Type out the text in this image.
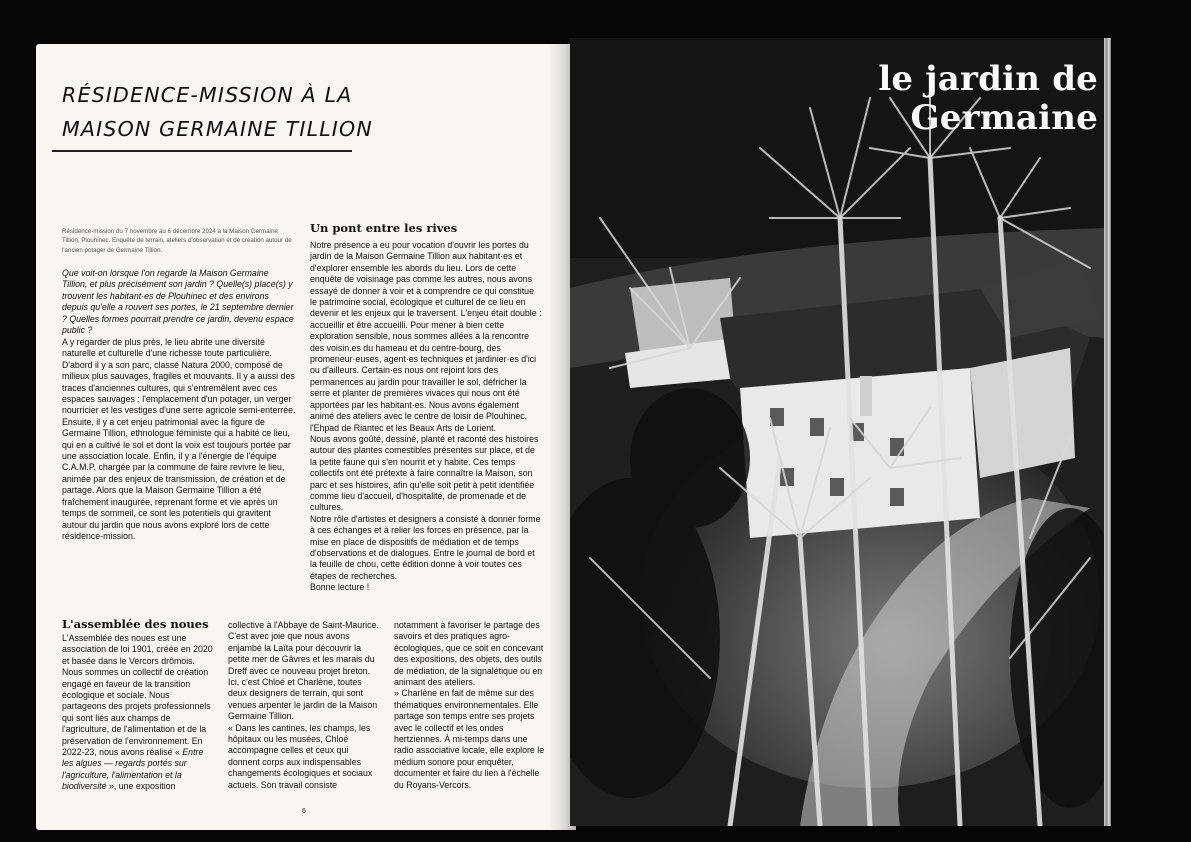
RÉSIDENCE-MISSION À LA
MAISON GERMAINE TILLION
Résidence-mission du 7 novembre au 6 décembre 2024 à la Maison Germaine Tillion, Plouhinec. Enquête de terrain, ateliers d'observation et de création autour de l'ancien potager de Germaine Tillion.
Que voit-on lorsque l'on regarde la Maison Germaine Tillion, et plus précisément son jardin ? Quelle(s) place(s) y trouvent les habitant·es de Plouhinec et des environs depuis qu'elle a rouvert ses portes, le 21 septembre dernier ? Quelles formes pourrait prendre ce jardin, devenu espace public ?
A y regarder de plus près, le lieu abrite une diversité naturelle et culturelle d'une richesse toute particulière. D'abord il y a son parc, classé Natura 2000, composé de milieux plus sauvages, fragiles et mouvants. Il y a aussi des traces d'anciennes cultures, qui s'entremêlent avec ces espaces sauvages : l'emplacement d'un potager, un verger nourricier et les vestiges d'une serre agricole semi-enterrée. Ensuite, il y a cet enjeu patrimonial avec la figure de Germaine Tillion, ethnologue féministe qui a habité ce lieu, qui en a cultivé le sol et dont la voix est toujours portée par une association locale. Enfin, il y a l'énergie de l'équipe C.A.M.P, chargée par la commune de faire revivre le lieu, animée par des enjeux de transmission, de création et de partage. Alors que la Maison Germaine Tillion a été fraîchement inaugurée, reprenant forme et vie après un temps de sommeil, ce sont les potentiels qui gravitent autour du jardin que nous avons exploré lors de cette résidence-mission.
Un pont entre les rives

Notre présence a eu pour vocation d'ouvrir les portes du jardin de la Maison Germaine Tillion aux habitant·es et d'explorer ensemble les abords du lieu. Lors de cette enquête de voisinage pas comme les autres, nous avons essayé de donner à voir et à comprendre ce qui constitue le patrimoine social, écologique et culturel de ce lieu en devenir et les enjeux qui le traversent. L'enjeu était double : accueillir et être accueilli. Pour mener à bien cette exploration sensible, nous sommes allées à la rencontre des voisin.es du hameau et du centre-bourg, des promeneur·euses, agent·es techniques et jardinier·es d'ici ou d'ailleurs. Certain·es nous ont rejoint lors des permanences au jardin pour travailler le sol, défricher la serre et planter de premières vivaces qui nous ont été apportées par les habitant·es. Nous avons également animé des ateliers avec le centre de loisir de Plouhinec, l'Ehpad de Riantec et les Beaux Arts de Lorient.

Nous avons goûté, dessiné, planté et raconté des histoires autour des plantes comestibles présentes sur place, et de la petite faune qui s'en nourrit et y habite. Ces temps collectifs ont été prétexte à faire connaître la Maison, son parc et ses histoires, afin qu'elle soit petit à petit identifiée comme lieu d'accueil, d'hospitalité, de promenade et de cultures.

Notre rôle d'artistes et designers a consisté à donner forme à ces échanges et à relier les forces en présence, par la mise en place de dispositifs de médiation et de temps d'observations et de dialogues. Entre le journal de bord et la feuille de chou, cette édition donne à voir toutes ces étapes de recherches.

Bonne lecture !

L'assemblée des noues
L'Assemblée des noues est une association de loi 1901, créée en 2020 et basée dans le Vercors drômois. Nous sommes un collectif de création engagé en faveur de la transition écologique et sociale. Nous partageons des projets professionnels qui sont liés aux champs de l'agriculture, de l'alimentation et de la préservation de l'environnement. En 2022-23, nous avons réalisé « Entre les algues — regards portés sur l'agriculture, l'alimentation et la biodiversité », une exposition

collective à l'Abbaye de Saint-Maurice. C'est avec joie que nous avons enjambé la Laïta pour découvrir la petite mer de Gâvres et les marais du Dreff avec ce nouveau projet breton. Ici, c'est Chloé et Charlène, toutes deux designers de terrain, qui sont venues arpenter le jardin de la Maison Germaine Tillion.

« Dans les cantines, les champs, les hôpitaux ou les musées, Chloé accompagne celles et ceux qui donnent corps aux indispensables changements écologiques et sociaux actuels. Son travail consiste

notamment à favoriser le partage des savoirs et des pratiques agro-écologiques, que ce soit en concevant des expositions, des objets, des outils de médiation, de la signalétique ou en animant des ateliers.

» Charlène en fait de même sur des thématiques environnementales. Elle partage son temps entre ses projets avec le collectif et les ondes hertziennes. À mi-temps dans une radio associative locale, elle explore le médium sonore pour enquêter, documenter et faire du lien à l'échelle du Royans-Vercors.

6
le jardin de
Germaine
